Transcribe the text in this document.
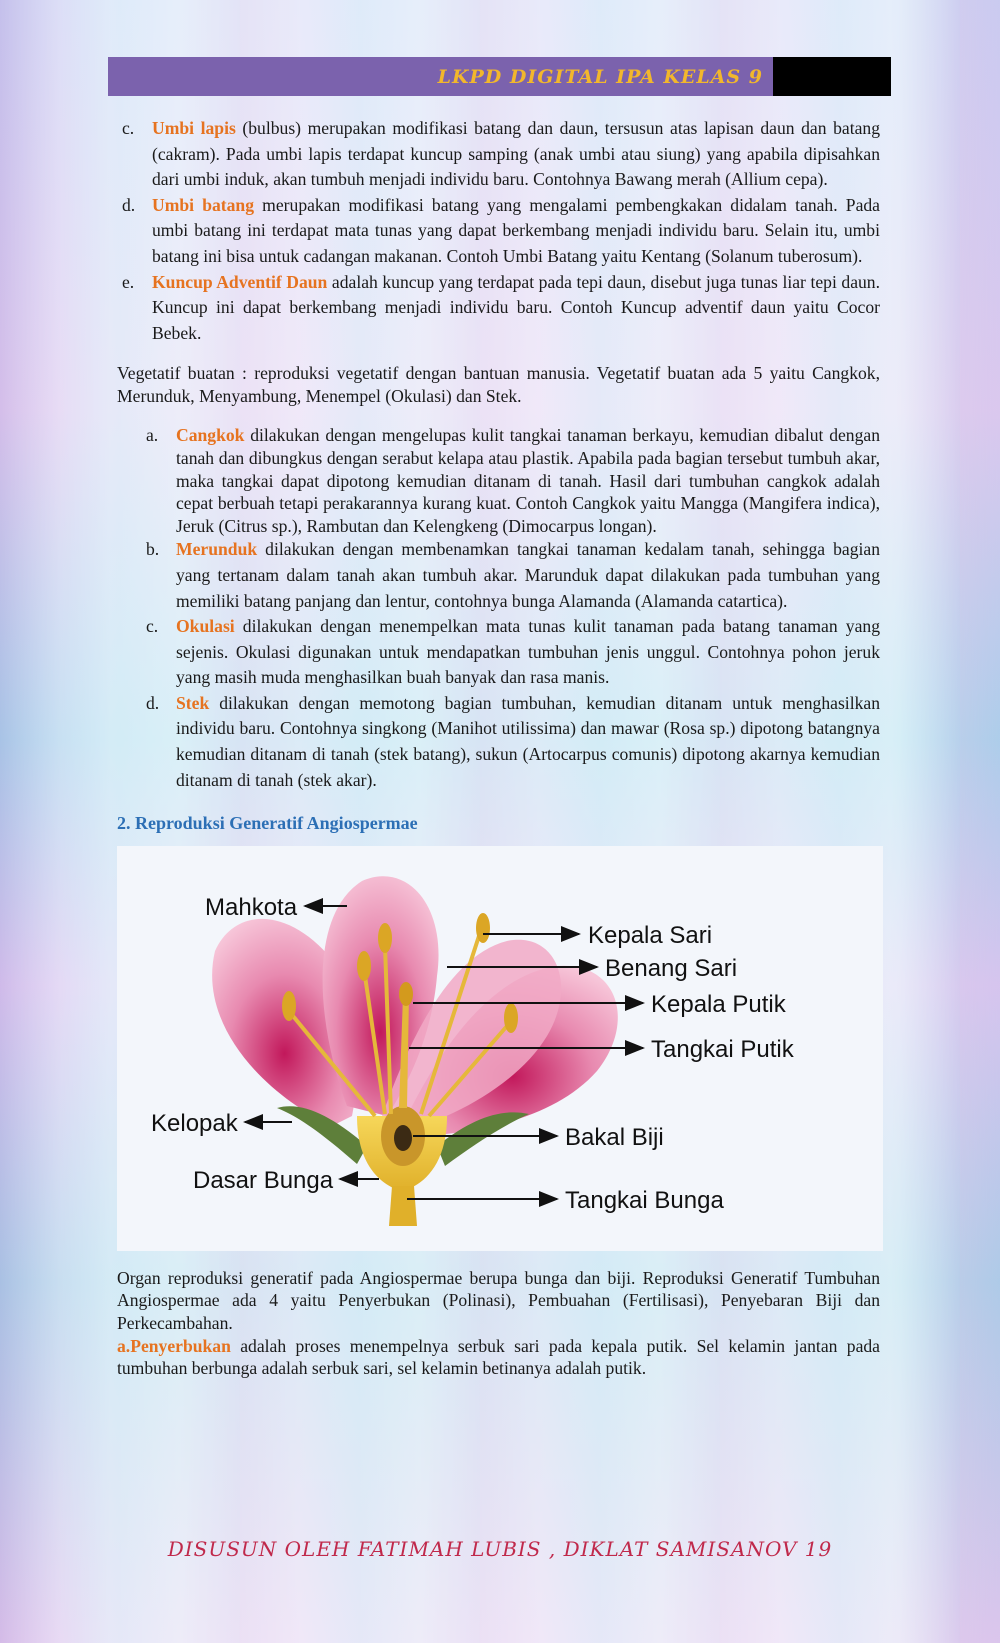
LKPD DIGITAL IPA KELAS 9
c. Umbi lapis (bulbus) merupakan modifikasi batang dan daun, tersusun atas lapisan daun dan batang (cakram). Pada umbi lapis terdapat kuncup samping (anak umbi atau siung) yang apabila dipisahkan dari umbi induk, akan tumbuh menjadi individu baru. Contohnya Bawang merah (Allium cepa).
d. Umbi batang merupakan modifikasi batang yang mengalami pembengkakan didalam tanah. Pada umbi batang ini terdapat mata tunas yang dapat berkembang menjadi individu baru. Selain itu, umbi batang ini bisa untuk cadangan makanan. Contoh Umbi Batang yaitu Kentang (Solanum tuberosum).
e. Kuncup Adventif Daun adalah kuncup yang terdapat pada tepi daun, disebut juga tunas liar tepi daun. Kuncup ini dapat berkembang menjadi individu baru. Contoh Kuncup adventif daun yaitu Cocor Bebek.

Vegetatif buatan : reproduksi vegetatif dengan bantuan manusia. Vegetatif buatan ada 5 yaitu Cangkok, Merunduk, Menyambung, Menempel (Okulasi) dan Stek.

a. Cangkok dilakukan dengan mengelupas kulit tangkai tanaman berkayu, kemudian dibalut dengan tanah dan dibungkus dengan serabut kelapa atau plastik. Apabila pada bagian tersebut tumbuh akar, maka tangkai dapat dipotong kemudian ditanam di tanah. Hasil dari tumbuhan cangkok adalah cepat berbuah tetapi perakarannya kurang kuat. Contoh Cangkok yaitu Mangga (Mangifera indica), Jeruk (Citrus sp.), Rambutan dan Kelengkeng (Dimocarpus longan).
b. Merunduk dilakukan dengan membenamkan tangkai tanaman kedalam tanah, sehingga bagian yang tertanam dalam tanah akan tumbuh akar. Marunduk dapat dilakukan pada tumbuhan yang memiliki batang panjang dan lentur, contohnya bunga Alamanda (Alamanda catartica).
c. Okulasi dilakukan dengan menempelkan mata tunas kulit tanaman pada batang tanaman yang sejenis. Okulasi digunakan untuk mendapatkan tumbuhan jenis unggul. Contohnya pohon jeruk yang masih muda menghasilkan buah banyak dan rasa manis.
d. Stek dilakukan dengan memotong bagian tumbuhan, kemudian ditanam untuk menghasilkan individu baru. Contohnya singkong (Manihot utilissima) dan mawar (Rosa sp.) dipotong batangnya kemudian ditanam di tanah (stek batang), sukun (Artocarpus comunis) dipotong akarnya kemudian ditanam di tanah (stek akar).

2. Reproduksi Generatif Angiospermae

Mahkota
Kepala Sari
Benang Sari
Kepala Putik
Tangkai Putik
Kelopak
Bakal Biji
Dasar Bunga
Tangkai Bunga

Organ reproduksi generatif pada Angiospermae berupa bunga dan biji. Reproduksi Generatif Tumbuhan Angiospermae ada 4 yaitu Penyerbukan (Polinasi), Pembuahan (Fertilisasi), Penyebaran Biji dan Perkecambahan.

a.Penyerbukan adalah proses menempelnya serbuk sari pada kepala putik. Sel kelamin jantan pada tumbuhan berbunga adalah serbuk sari, sel kelamin betinanya adalah putik.

DISUSUN OLEH FATIMAH LUBIS , DIKLAT SAMISANOV 19
